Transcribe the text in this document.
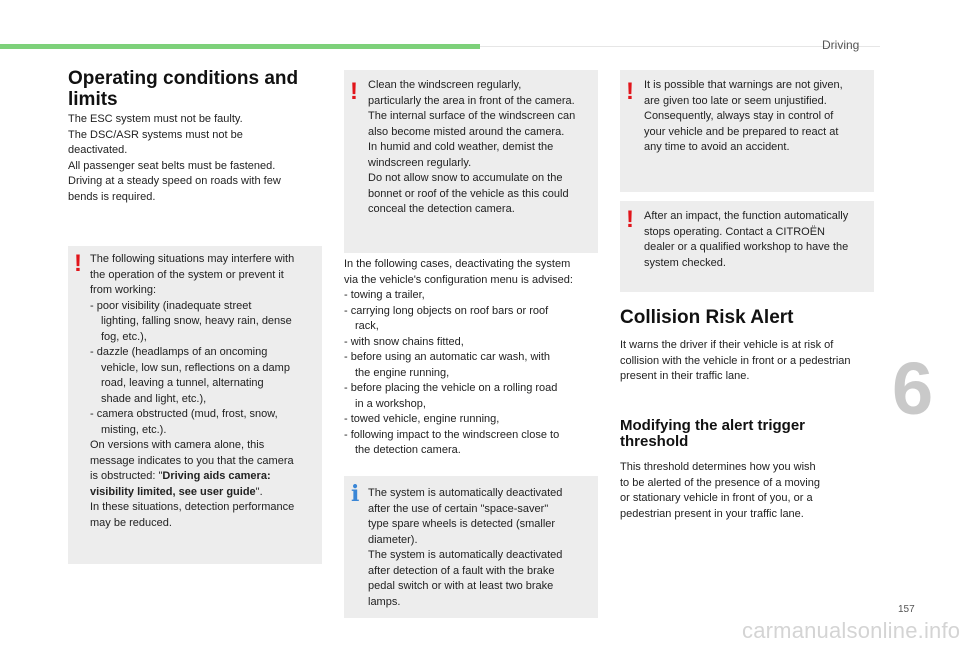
Driving
6
157
carmanualsonline.info
Operating conditions and
limits
The ESC system must not be faulty.
The DSC/ASR systems must not be
deactivated.
All passenger seat belts must be fastened.
Driving at a steady speed on roads with few
bends is required.
! The following situations may interfere with
the operation of the system or prevent it
from working:
- poor visibility (inadequate street
lighting, falling snow, heavy rain, dense
fog, etc.),
- dazzle (headlamps of an oncoming
vehicle, low sun, reflections on a damp
road, leaving a tunnel, alternating
shade and light, etc.),
- camera obstructed (mud, frost, snow,
misting, etc.).
On versions with camera alone, this
message indicates to you that the camera
is obstructed: "Driving aids camera:
visibility limited, see user guide".
In these situations, detection performance
may be reduced.
! Clean the windscreen regularly,
particularly the area in front of the camera.
The internal surface of the windscreen can
also become misted around the camera.
In humid and cold weather, demist the
windscreen regularly.
Do not allow snow to accumulate on the
bonnet or roof of the vehicle as this could
conceal the detection camera.
In the following cases, deactivating the system
via the vehicle's configuration menu is advised:
- towing a trailer,
- carrying long objects on roof bars or roof
rack,
- with snow chains fitted,
- before using an automatic car wash, with
the engine running,
- before placing the vehicle on a rolling road
in a workshop,
- towed vehicle, engine running,
- following impact to the windscreen close to
the detection camera.
i The system is automatically deactivated
after the use of certain "space-saver"
type spare wheels is detected (smaller
diameter).
The system is automatically deactivated
after detection of a fault with the brake
pedal switch or with at least two brake
lamps.
! It is possible that warnings are not given,
are given too late or seem unjustified.
Consequently, always stay in control of
your vehicle and be prepared to react at
any time to avoid an accident.
! After an impact, the function automatically
stops operating. Contact a CITROËN
dealer or a qualified workshop to have the
system checked.
Collision Risk Alert
It warns the driver if their vehicle is at risk of
collision with the vehicle in front or a pedestrian
present in their traffic lane.
Modifying the alert trigger
threshold
This threshold determines how you wish
to be alerted of the presence of a moving
or stationary vehicle in front of you, or a
pedestrian present in your traffic lane.
